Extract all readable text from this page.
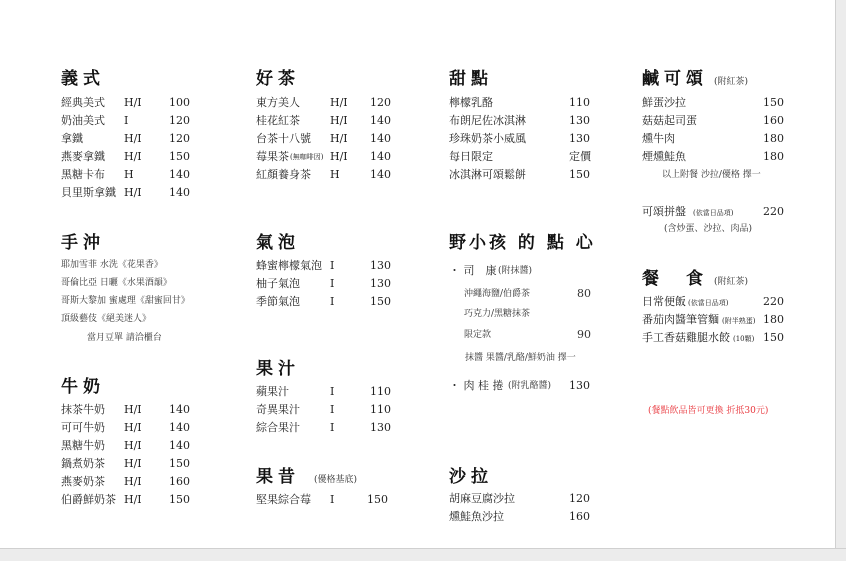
義式
經典美式 H/I 100
奶油美式 I	120
拿鐵	H/I 120
燕麥拿鐵 H/I 150
黑糖卡布 H	140
貝里斯拿鐵 H/I 140
手沖
耶加雪菲 水洗《花果香》
哥倫比亞 日曬《水果酒韻》
哥斯大黎加 蜜處理《甜蜜回甘》
頂級藝伎《絕美迷人》
當月豆單 請洽櫃台
牛奶
抹茶牛奶 H/I 140
可可牛奶 H/I 140
黑糖牛奶 H/I 140
鍋煮奶茶 H/I 150
燕麥奶茶 H/I 160
伯爵鮮奶茶 H/I 150
好茶
東方美人	H/I 120
桂花紅茶	H/I 140
台茶十八號 H/I 140
莓果茶 (無咖啡因) H/I 140
紅顏養身茶 H	140
氣泡
蜂蜜檸檬氣泡 I	130
柚子氣泡	I	130
季節氣泡	I	150
果汁
蘋果汁	I	110
奇異果汁	I	110
綜合果汁	I	130
果昔 (優格基底)
堅果綜合莓 I	150
甜點
檸檬乳酪	110
布朗尼佐冰淇淋	130
珍珠奶茶小威風	130
每日限定	定價
冰淇淋可頌鬆餅	150
野小孩 的 點 心
・ 司　康 (附抹醬)
沖繩海鹽/伯爵茶	80
巧克力/黑糖抹茶
限定款	90
抹醬 果醬/乳酪/鮮奶油 擇一
・ 肉 桂 捲 (附乳酪醬) 130
沙拉
胡麻豆腐沙拉	120
燻鮭魚沙拉	160
鹹可頌 (附紅茶)
鮮蛋沙拉	150
菇菇起司蛋	160
燻牛肉	180
煙燻鮭魚	180
以上附餐 沙拉/優格 擇一
可頌拼盤 (依當日品項)	220
(含炒蛋、沙拉、肉品)
餐　食 (附紅茶)
日常便飯 (依當日品項)	220
番茄肉醬筆管麵 (附半熟蛋) 180
手工香菇雞腿水餃 (10顆) 150
(餐點飲品皆可更換 折抵30元)
